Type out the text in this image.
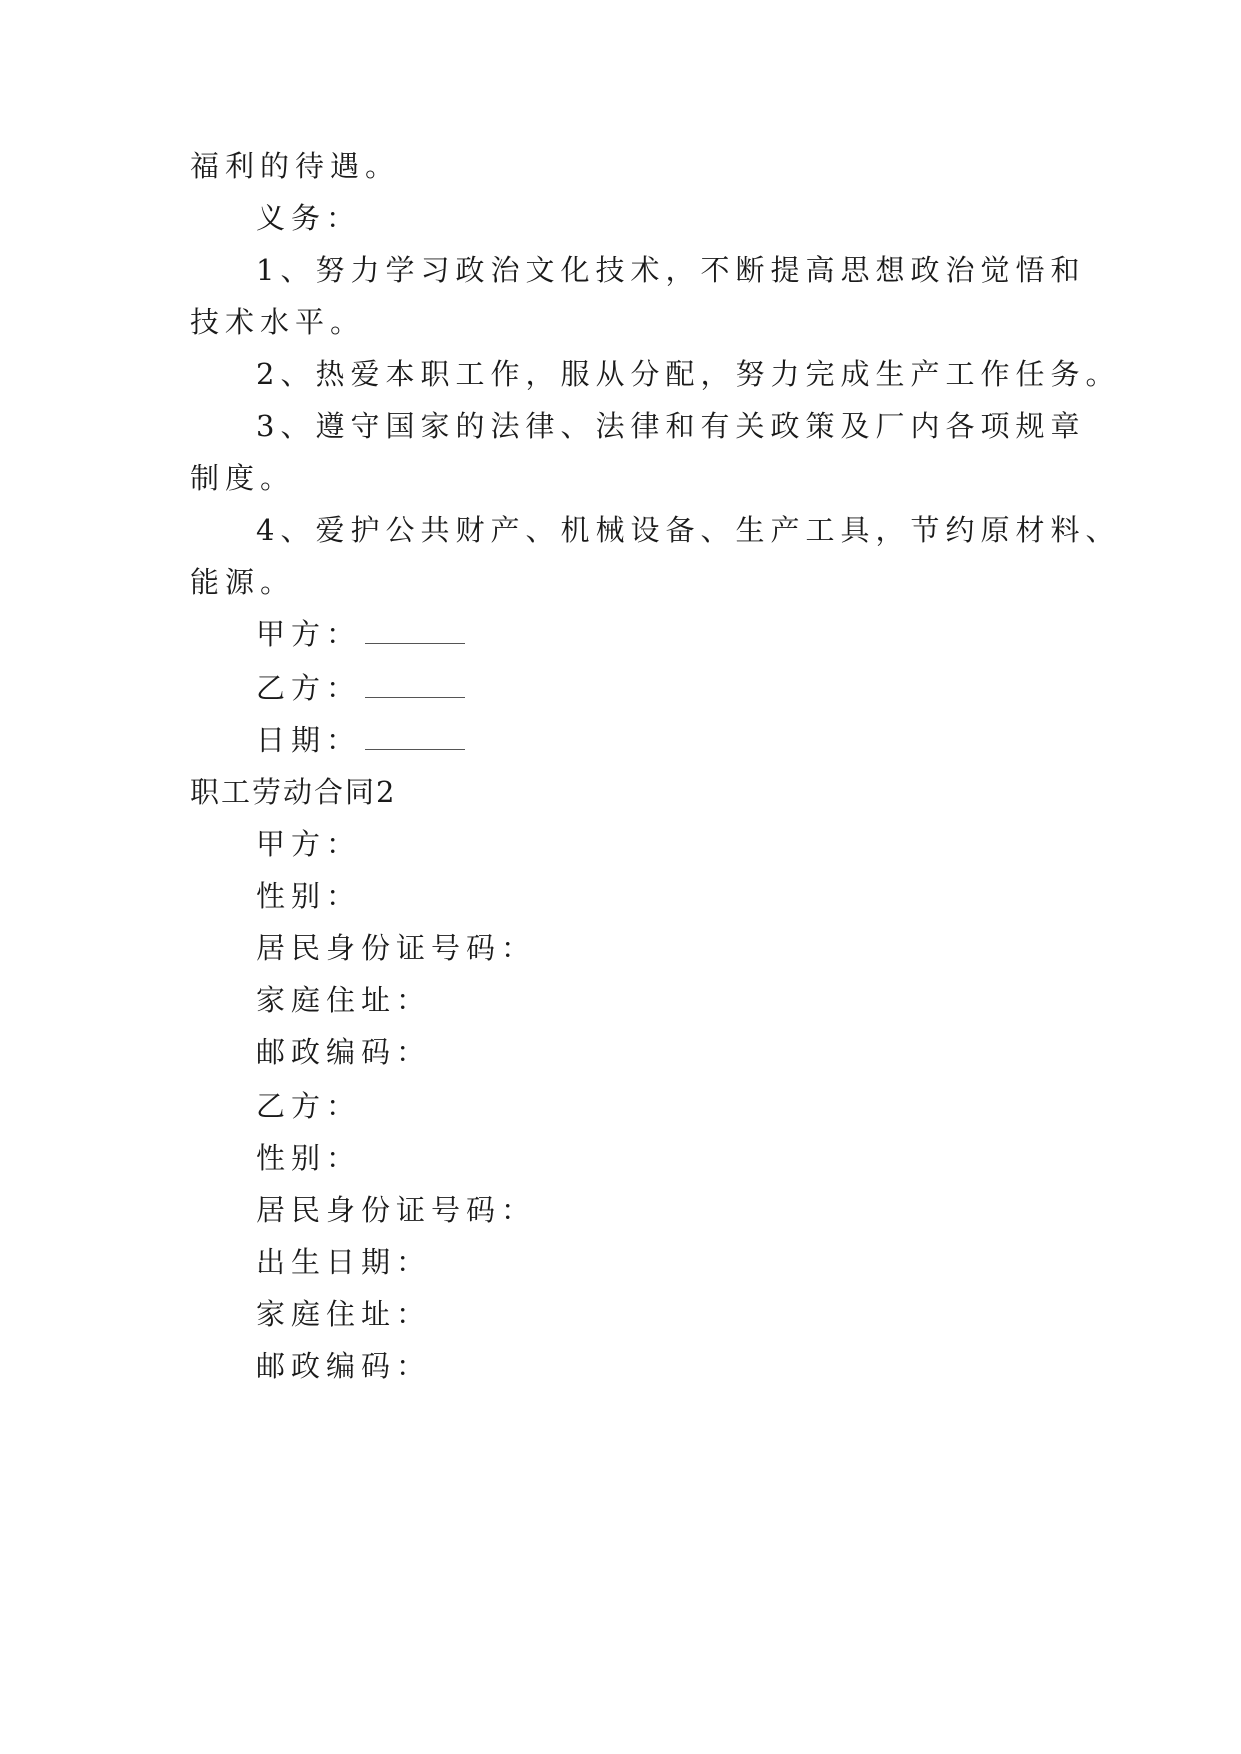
福利的待遇。
义务：
1、努力学习政治文化技术，不断提高思想政治觉悟和
技术水平。
2、热爱本职工作，服从分配，努力完成生产工作任务。
3、遵守国家的法律、法律和有关政策及厂内各项规章
制度。
4、爱护公共财产、机械设备、生产工具，节约原材料、
能源。
甲方：
乙方：
日期：
职工劳动合同2
甲方：
性别：
居民身份证号码：
家庭住址：
邮政编码：
乙方：
性别：
居民身份证号码：
出生日期：
家庭住址：
邮政编码：
